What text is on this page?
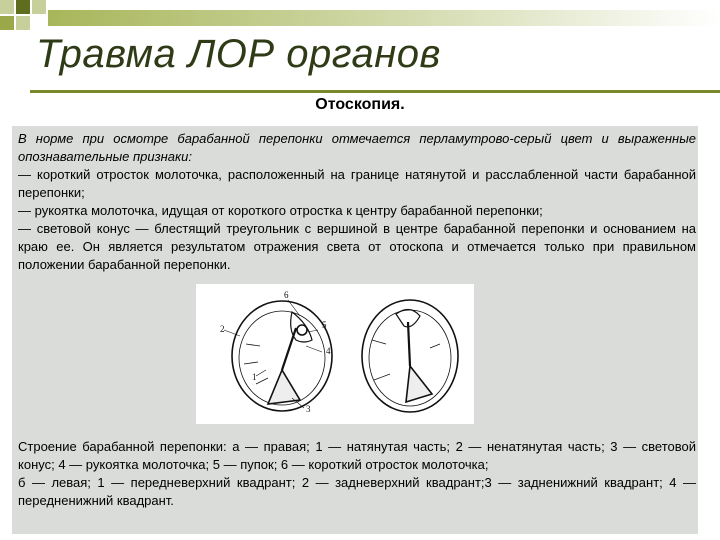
Травма ЛОР органов
Отоскопия.

В норме при осмотре барабанной перепонки отмечается перламутрово-серый цвет и выраженные опознавательные признаки:

— короткий отросток молоточка, расположенный на границе натянутой и расслабленной части барабанной перепонки;

— рукоятка молоточка, идущая от короткого отростка к центру барабанной перепонки;

— световой конус — блестящий треугольник с вершиной в центре барабанной перепонки и основанием на краю ее. Он является результатом отражения света от отоскопа и отмечается только при правильном положении барабанной перепонки.

6
5
2
4
1
3

Строение барабанной перепонки: а — правая; 1 — натянутая часть; 2 — ненатянутая часть; 3 — световой конус; 4 — рукоятка молоточка; 5 — пупок; 6 — короткий отросток молоточка;

б — левая; 1 — передневерхний квадрант; 2 — задневерхний квадрант;3 — задненижний квадрант; 4 — передненижний квадрант.
